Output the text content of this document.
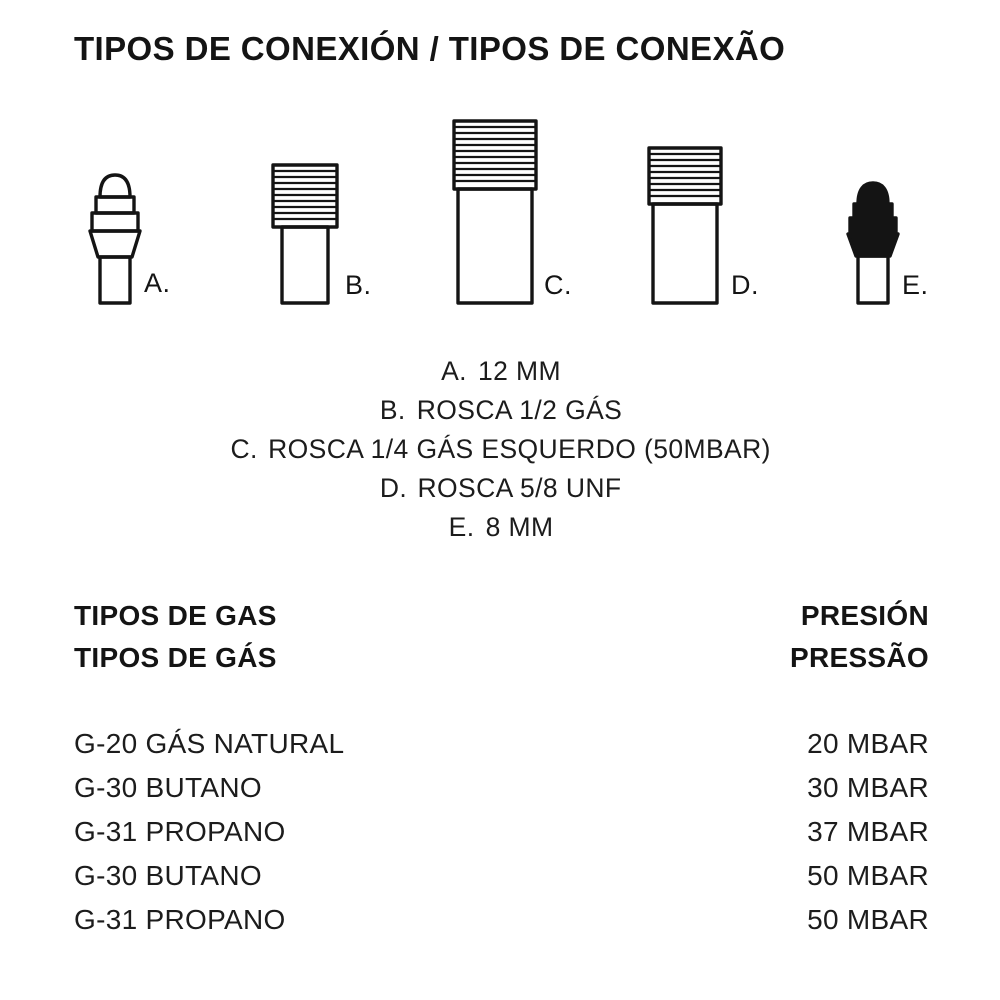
TIPOS DE CONEXIÓN / TIPOS DE CONEXÃO
A.	B.	C.	D.	E.
A. 12 MM
B. ROSCA 1/2 GÁS
C. ROSCA 1/4 GÁS ESQUERDO (50MBAR)
D. ROSCA 5/8 UNF
E. 8 MM
TIPOS DE GAS	PRESIÓN
TIPOS DE GÁS	PRESSÃO
G-20 GÁS NATURAL	20 MBAR
G-30 BUTANO	30 MBAR
G-31 PROPANO	37 MBAR
G-30 BUTANO	50 MBAR
G-31 PROPANO	50 MBAR
